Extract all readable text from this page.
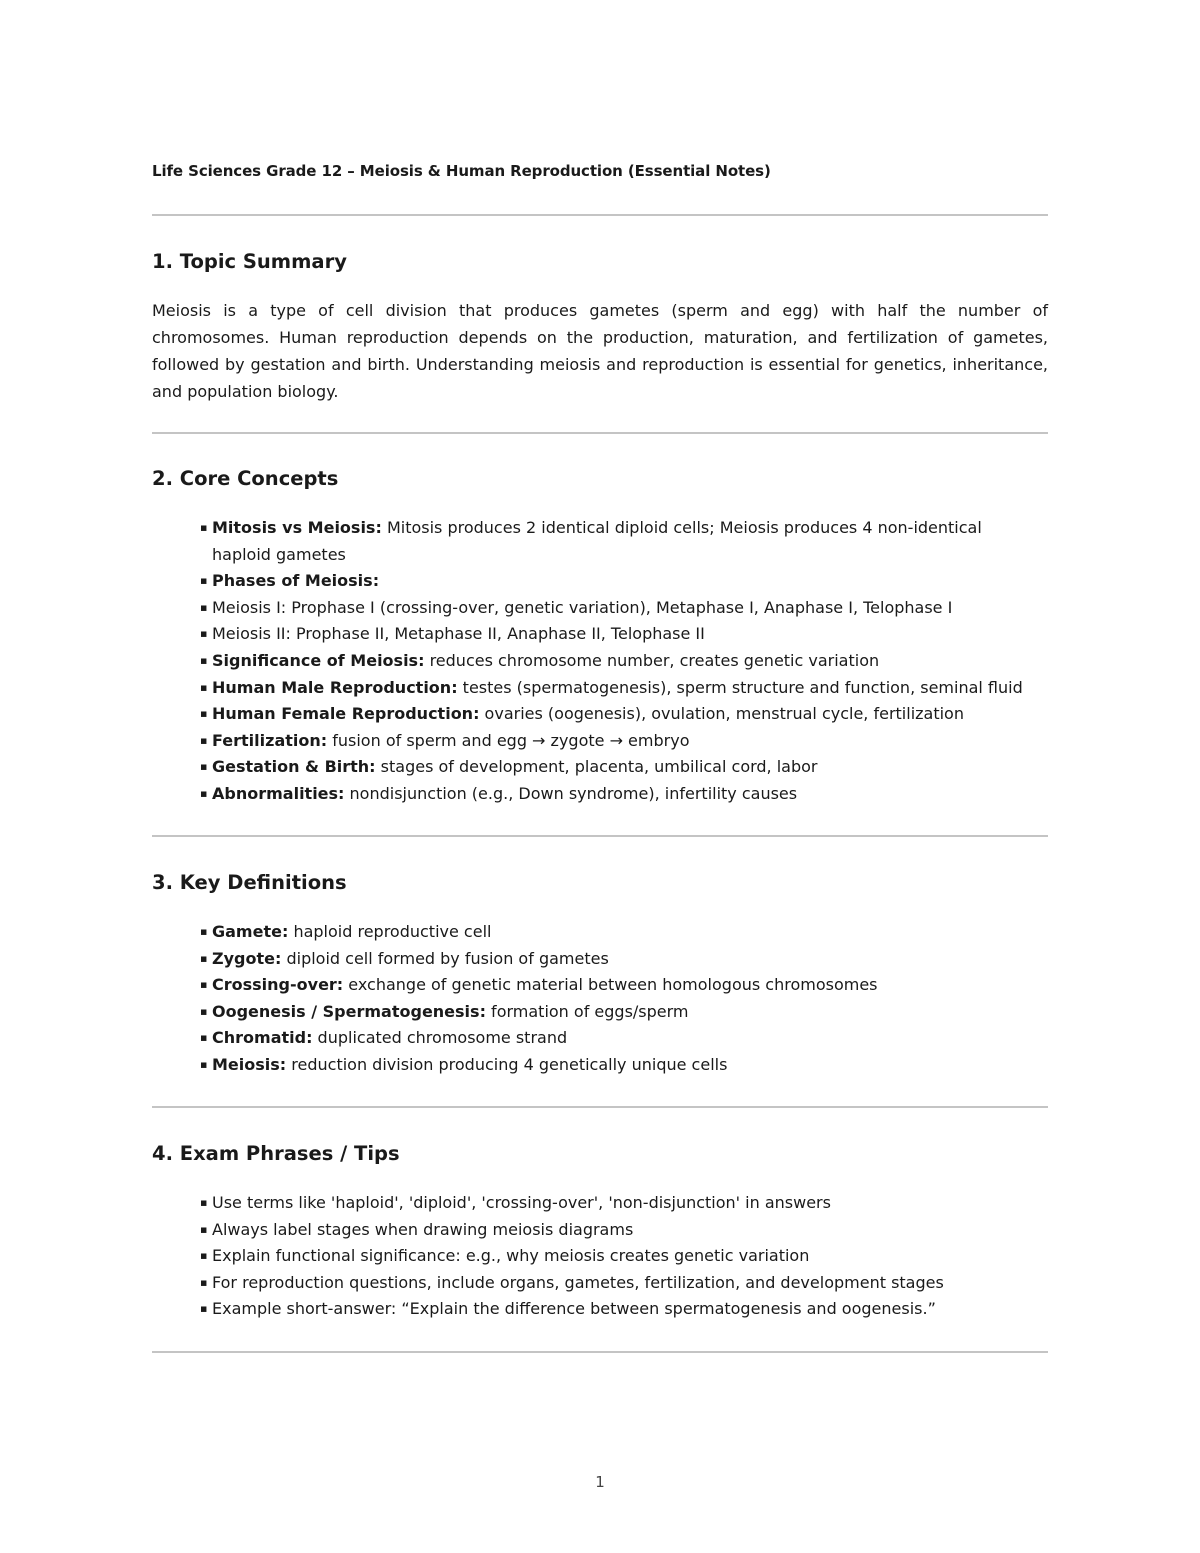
Life Sciences Grade 12 – Meiosis & Human Reproduction (Essential Notes)
1. Topic Summary

Meiosis is a type of cell division that produces gametes (sperm and egg) with half the number of chromosomes. Human reproduction depends on the production, maturation, and fertilization of gametes, followed by gestation and birth. Understanding meiosis and reproduction is essential for genetics, inheritance, and population biology.

2. Core Concepts
▪ Mitosis vs Meiosis: Mitosis produces 2 identical diploid cells; Meiosis produces 4 non-identical haploid gametes
▪ Phases of Meiosis:
▪ Meiosis I: Prophase I (crossing-over, genetic variation), Metaphase I, Anaphase I, Telophase I
▪ Meiosis II: Prophase II, Metaphase II, Anaphase II, Telophase II
▪ Significance of Meiosis: reduces chromosome number, creates genetic variation
▪ Human Male Reproduction: testes (spermatogenesis), sperm structure and function, seminal fluid
▪ Human Female Reproduction: ovaries (oogenesis), ovulation, menstrual cycle, fertilization
▪ Fertilization: fusion of sperm and egg → zygote → embryo
▪ Gestation & Birth: stages of development, placenta, umbilical cord, labor
▪ Abnormalities: nondisjunction (e.g., Down syndrome), infertility causes
3. Key Definitions
▪ Gamete: haploid reproductive cell
▪ Zygote: diploid cell formed by fusion of gametes
▪ Crossing-over: exchange of genetic material between homologous chromosomes
▪ Oogenesis / Spermatogenesis: formation of eggs/sperm
▪ Chromatid: duplicated chromosome strand
▪ Meiosis: reduction division producing 4 genetically unique cells
4. Exam Phrases / Tips
▪ Use terms like 'haploid', 'diploid', 'crossing-over', 'non-disjunction' in answers
▪ Always label stages when drawing meiosis diagrams
▪ Explain functional significance: e.g., why meiosis creates genetic variation
▪ For reproduction questions, include organs, gametes, fertilization, and development stages
▪ Example short-answer: “Explain the difference between spermatogenesis and oogenesis.”
1
